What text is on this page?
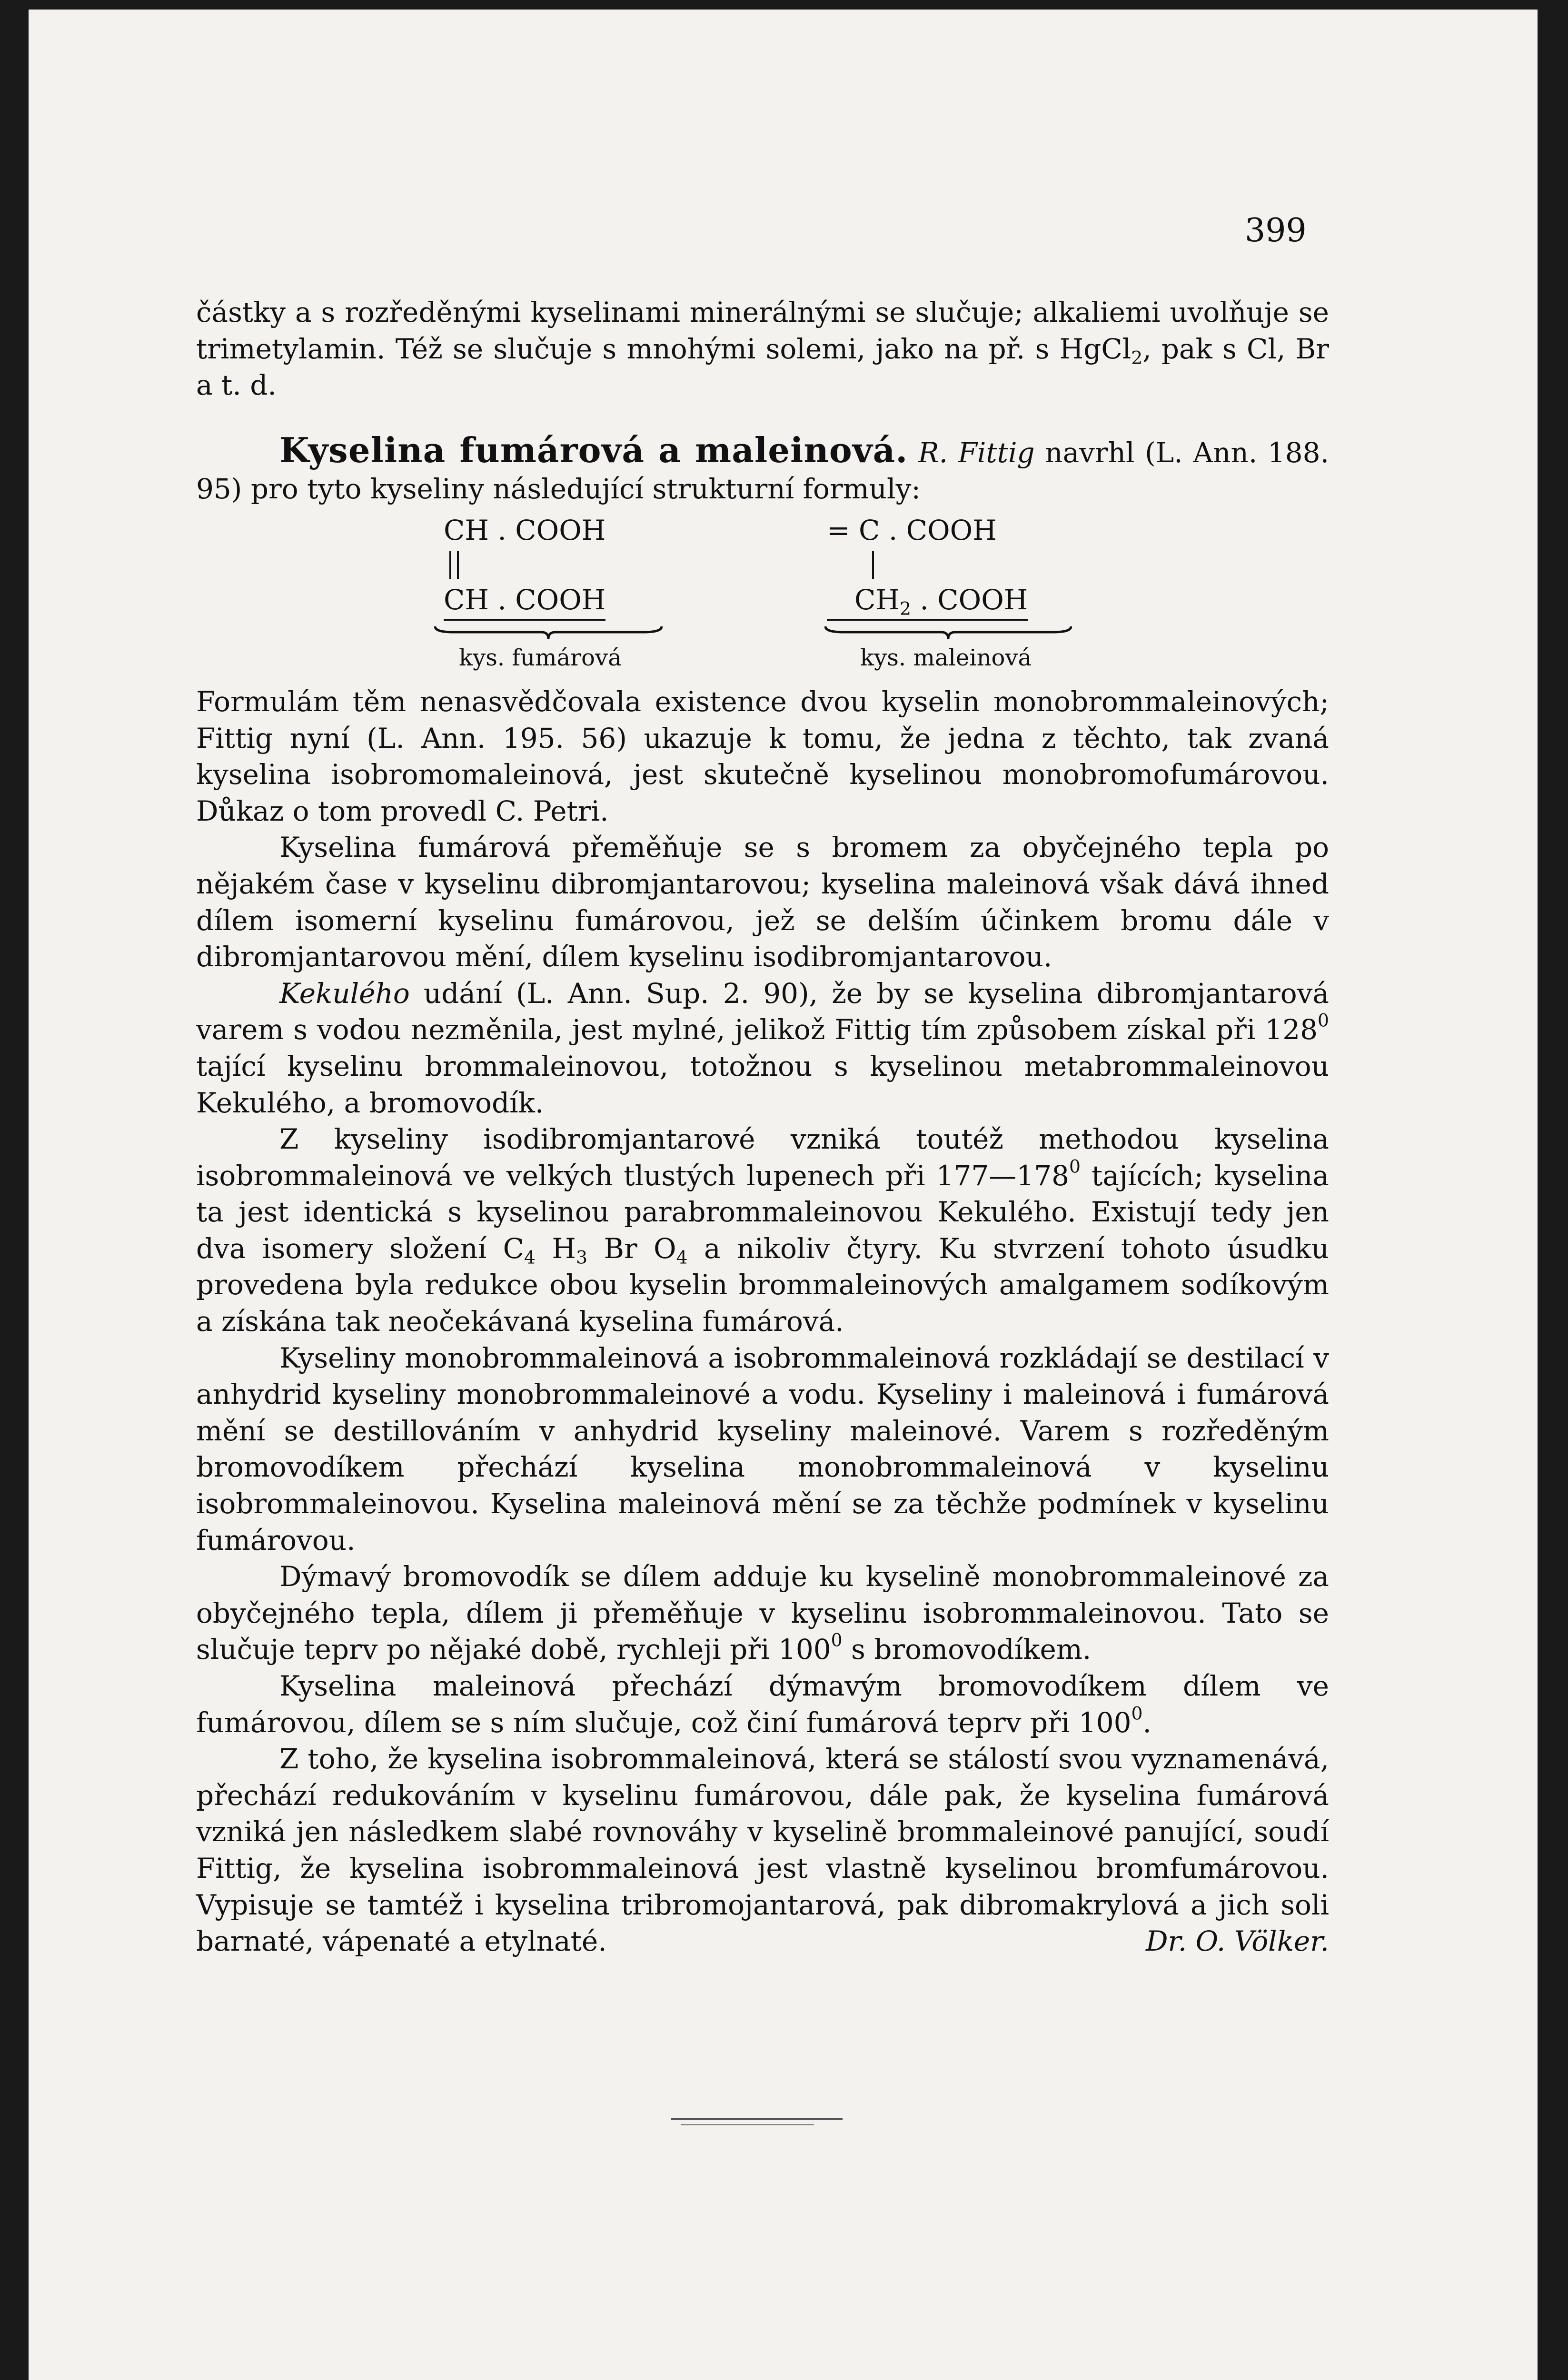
399

částky a s rozředěnými kyselinami minerálnými se slučuje; alkaliemi uvolňuje se trimetylamin. Též se slučuje s mnohými solemi, jako na př. s HgCl$_2$, pak s Cl, Br a t. d.

Kyselina fumárová a maleinová. R. Fittig navrhl (L. Ann. 188. 95) pro tyto kyseliny následující strukturní formuly:

CH . COOH
CH . COOH
kys. fumárová
= C . COOH
$CH_2$ . COOH
kys. maleinová

Formulám těm nenasvědčovala existence dvou kyselin monobrommaleinových; Fittig nyní (L. Ann. 195. 56) ukazuje k tomu, že jedna z těchto, tak zvaná kyselina isobromomaleinová, jest skutečně kyselinou monobromofumárovou. Důkaz o tom provedl C. Petri.

Kyselina fumárová přeměňuje se s bromem za obyčejného tepla po nějakém čase v kyselinu dibromjantarovou; kyselina maleinová však dává ihned dílem isomerní kyselinu fumárovou, jež se delším účinkem bromu dále v dibromjantarovou mění, dílem kyselinu isodibromjantarovou.

Kekulého udání (L. Ann. Sup. 2. 90), že by se kyselina dibromjantarová varem s vodou nezměnila, jest mylné, jelikož Fittig tím způsobem získal při $128^0$ tající kyselinu brommaleinovou, totožnou s kyselinou metabrommaleinovou Kekulého, a bromovodík.

Z kyseliny isodibromjantarové vzniká toutéž methodou kyselina isobrommaleinová ve velkých tlustých lupenech při $177—178^0$ tajících; kyselina ta jest identická s kyselinou parabrommaleinovou Kekulého. Existují tedy jen dva isomery složení $C_4$ $H_3$ Br $O_4$ a nikoliv čtyry. Ku stvrzení tohoto úsudku provedena byla redukce obou kyselin brommaleinových amalgamem sodíkovým a získána tak neočekávaná kyselina fumárová.

Kyseliny monobrommaleinová a isobrommaleinová rozkládají se destilací v anhydrid kyseliny monobrommaleinové a vodu. Kyseliny i maleinová i fumárová mění se destillováním v anhydrid kyseliny maleinové. Varem s rozředěným bromovodíkem přechází kyselina monobrommaleinová v kyselinu isobrommaleinovou. Kyselina maleinová mění se za těchže podmínek v kyselinu fumárovou.

Dýmavý bromovodík se dílem adduje ku kyselině monobrommaleinové za obyčejného tepla, dílem ji přeměňuje v kyselinu isobrommaleinovou. Tato se slučuje teprv po nějaké době, rychleji při $100^0$ s bromovodíkem.

Kyselina maleinová přechází dýmavým bromovodíkem dílem ve fumárovou, dílem se s ním slučuje, což činí fumárová teprv při $100^0$.

Z toho, že kyselina isobrommaleinová, která se stálostí svou vyznamenává, přechází redukováním v kyselinu fumárovou, dále pak, že kyselina fumárová vzniká jen následkem slabé rovnováhy v kyselině brommaleinové panující, soudí Fittig, že kyselina isobrommaleinová jest vlastně kyselinou bromfumárovou. Vypisuje se tamtéž i kyselina tribromojantarová, pak dibromakrylová a jich soli barnaté, vápenaté a etylnaté.	Dr. O. Völker.
